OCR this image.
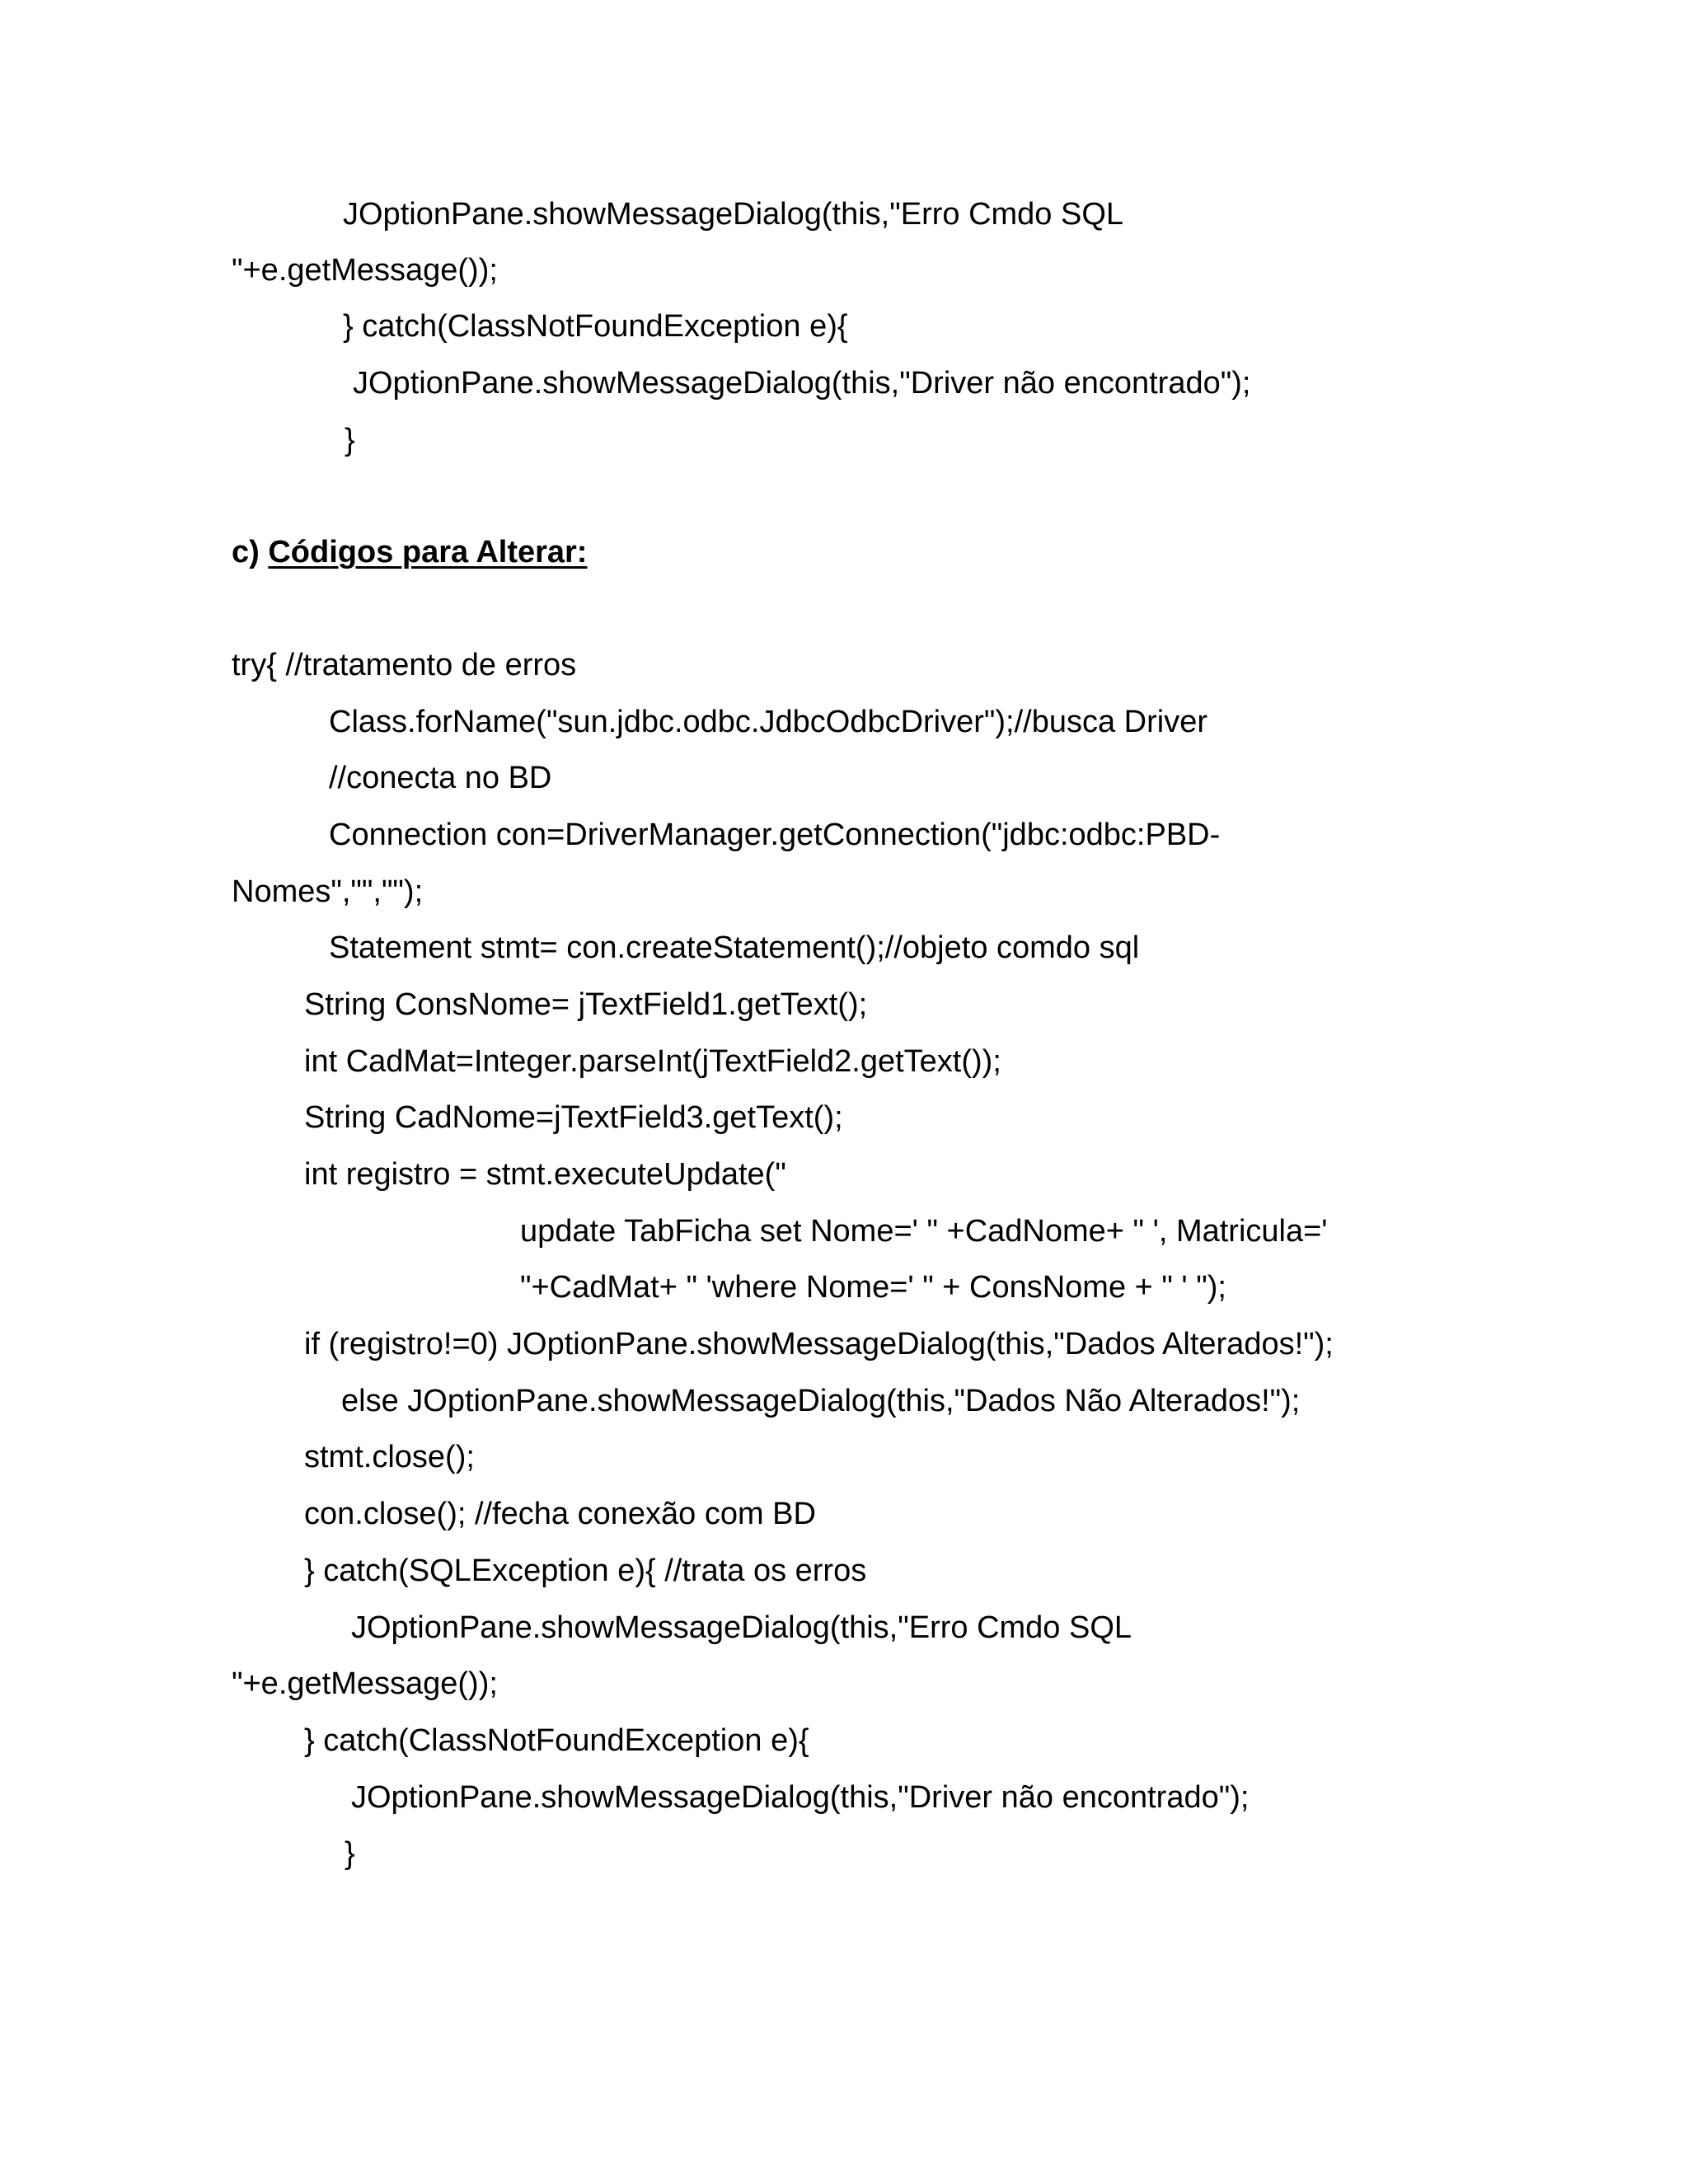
JOptionPane.showMessageDialog(this,"Erro Cmdo SQL
"+e.getMessage());
} catch(ClassNotFoundException e){
JOptionPane.showMessageDialog(this,"Driver não encontrado");
}
c) Códigos para Alterar:
try{ //tratamento de erros
Class.forName("sun.jdbc.odbc.JdbcOdbcDriver");//busca Driver
//conecta no BD
Connection con=DriverManager.getConnection("jdbc:odbc:PBD-
Nomes","","");
Statement stmt= con.createStatement();//objeto comdo sql
String ConsNome= jTextField1.getText();
int CadMat=Integer.parseInt(jTextField2.getText());
String CadNome=jTextField3.getText();
int registro = stmt.executeUpdate("
update TabFicha set Nome=' " +CadNome+ " ', Matricula='
"+CadMat+ " 'where Nome=' " + ConsNome + " ' ");
if (registro!=0) JOptionPane.showMessageDialog(this,"Dados Alterados!");
else JOptionPane.showMessageDialog(this,"Dados Não Alterados!");
stmt.close();
con.close(); //fecha conexão com BD
} catch(SQLException e){ //trata os erros
JOptionPane.showMessageDialog(this,"Erro Cmdo SQL
"+e.getMessage());
} catch(ClassNotFoundException e){
JOptionPane.showMessageDialog(this,"Driver não encontrado");
}
